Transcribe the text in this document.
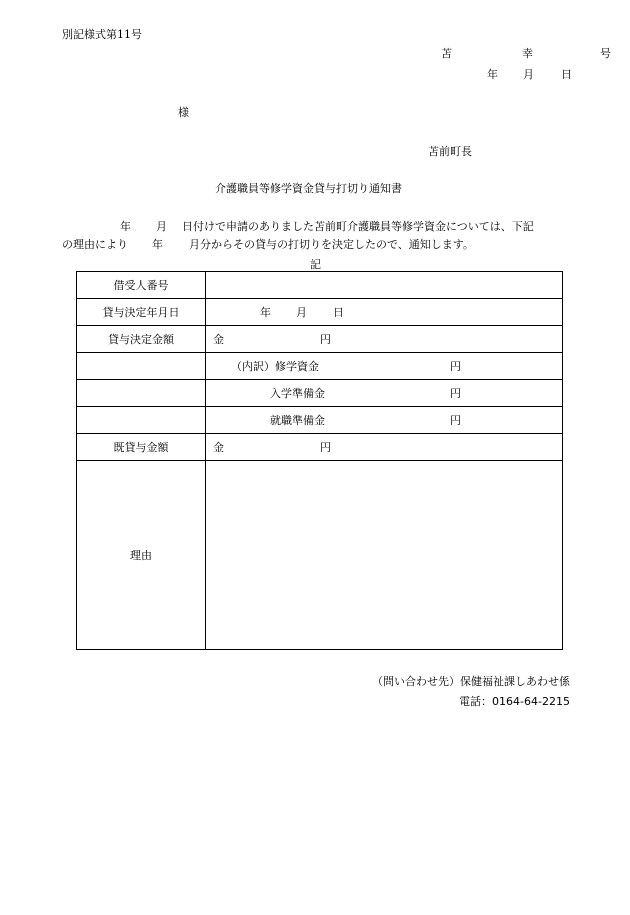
別記様式第11号
苫	幸	号
年	月	日
様
苫前町長
介護職員等修学資金貸与打切り通知書
年	月	日付けで申請のありました苫前町介護職員等修学資金については、下記
の理由により	年	月分からその貸与の打切りを決定したので、通知します。
記
借受人番号	
貸与決定年月日	年 月 日

貸与決定金額	金 円

	（内訳）修学資金 円

	入学準備金 円

	就職準備金 円

既貸与金額	金 円

理由	
（問い合わせ先）保健福祉課しあわせ係
電話：0164-64-2215
